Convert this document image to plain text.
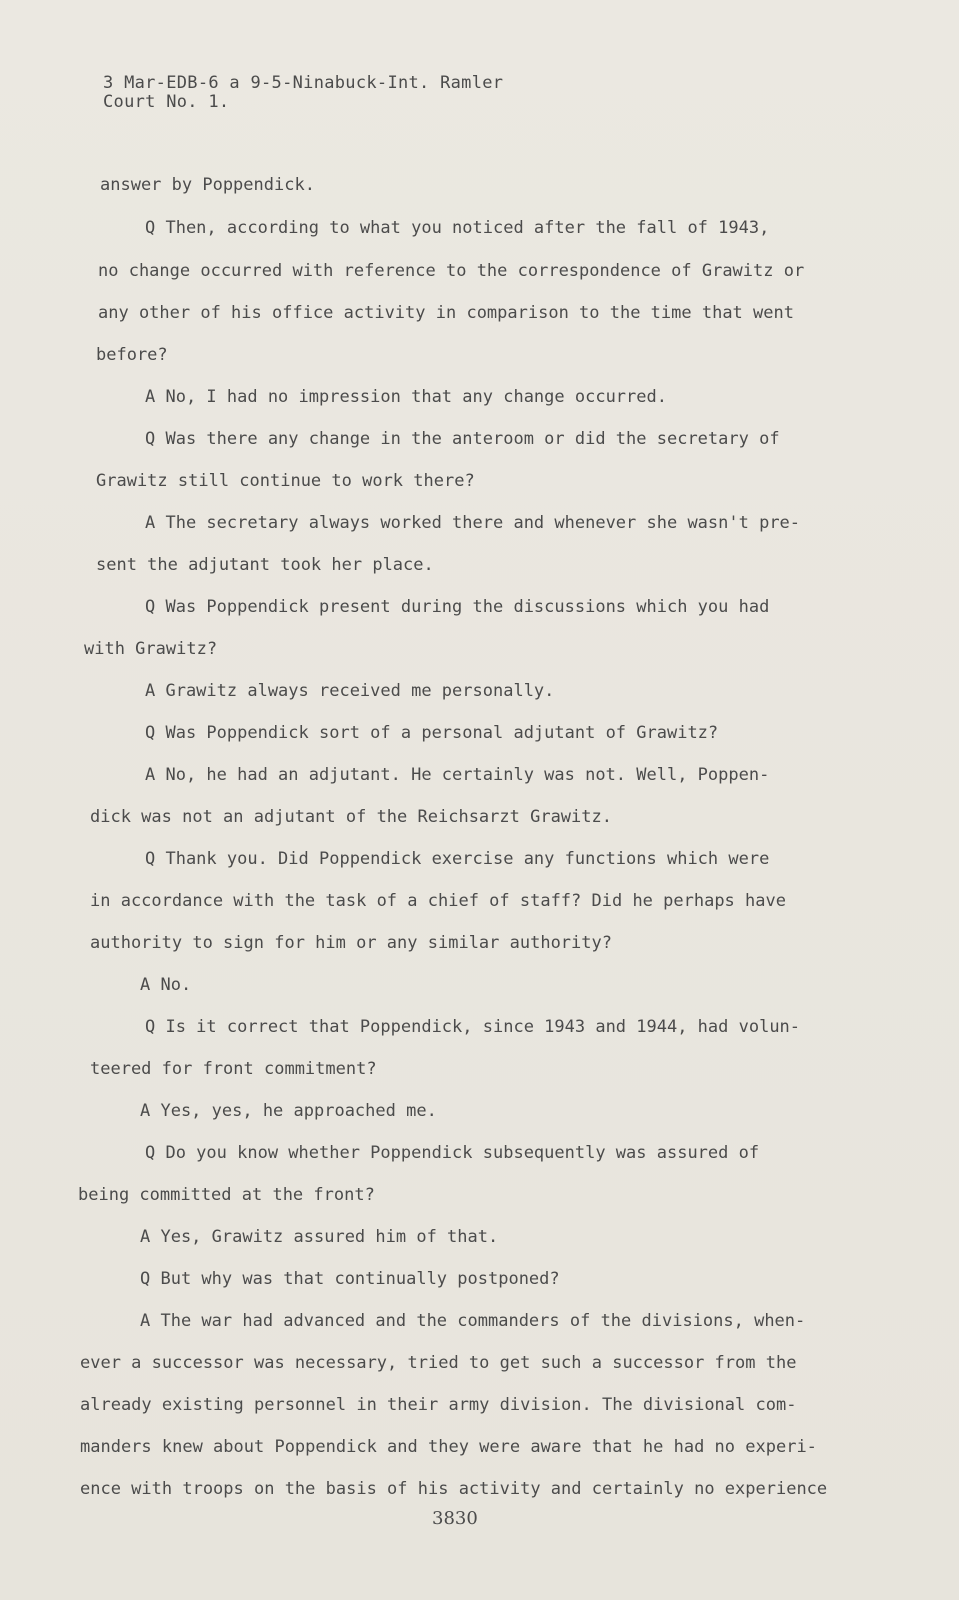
3 Mar-EDB-6 a 9-5-Ninabuck-Int. Ramler
Court No. 1.
answer by Poppendick.
Q Then, according to what you noticed after the fall of 1943,
no change occurred with reference to the correspondence of Grawitz or
any other of his office activity in comparison to the time that went
before?
A No, I had no impression that any change occurred.
Q Was there any change in the anteroom or did the secretary of
Grawitz still continue to work there?
A The secretary always worked there and whenever she wasn't pre-
sent the adjutant took her place.
Q Was Poppendick present during the discussions which you had
with Grawitz?
A Grawitz always received me personally.
Q Was Poppendick sort of a personal adjutant of Grawitz?
A No, he had an adjutant. He certainly was not. Well, Poppen-
dick was not an adjutant of the Reichsarzt Grawitz.
Q Thank you. Did Poppendick exercise any functions which were
in accordance with the task of a chief of staff? Did he perhaps have
authority to sign for him or any similar authority?
A No.
Q Is it correct that Poppendick, since 1943 and 1944, had volun-
teered for front commitment?
A Yes, yes, he approached me.
Q Do you know whether Poppendick subsequently was assured of
being committed at the front?
A Yes, Grawitz assured him of that.
Q But why was that continually postponed?
A The war had advanced and the commanders of the divisions, when-
ever a successor was necessary, tried to get such a successor from the
already existing personnel in their army division. The divisional com-
manders knew about Poppendick and they were aware that he had no experi-
ence with troops on the basis of his activity and certainly no experience
3830
